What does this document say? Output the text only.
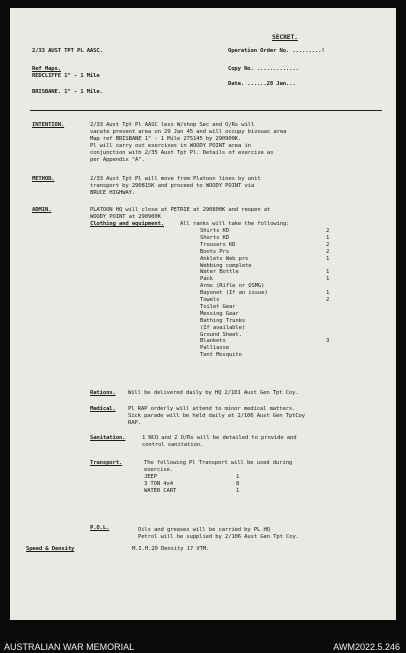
2/33 AUST TPT PL AASC.
Ref Maps.
REDCLIFFE 1" - 1 Mile
BRISBANE. 1" - 1 Mile.
SECRET.
Operation Order No. .........!
Copy No. .............
Date. ......28 Jan...
INTENTION.	2/33 Aust Tpt Pl AASC less W/shop Sec and O/Rs will
vacate present area on 29 Jan 45 and will occupy bivouac area
Map ref BRISBANE 1" - 1 Mile 275145 by 290900K.
Pl will carry out exercises in WOODY POINT area in
conjunction with 2/35 Aust Tpt Pl. Details of exercise as
per Appendix "A".
METHOD.	2/33 Aust Tpt Pl will move from Platoon lines by unit
transport by 290815K and proceed to WOODY POINT via
BRUCE HIGHWAY.
ADMIN.	PLATOON HQ will close at PETRIE at 290800K and reopen at
WOODY POINT at 290900K
Clothing and equipment.	All ranks will take the following:
Shirts KD	2
Shorts KD	1
Trousers KD	2
Boots Prs	2
Anklets Web prs	1
Webbing complete
Water Bottle	1
Pack	1
Arms (Rifle or OSMG)
Bayonet (If an issue)	1
Towels	2
Toilet Gear
Messing Gear
Bathing Trunks
(If available)
Ground Sheet.
Blankets	3
Palliasse
Tent Mosquito
Rations. Will be delivered daily by HQ 2/101 Aust Gen Tpt Coy.
Medical. Pl RAP orderly will attend to minor medical matters.
Sick parade will be held daily at 2/106 Aust Gen TptCoy
RAP.
Sanitation.	1 NCO and 2 O/Rs will be detailed to provide and
control sanitation.
Transport.	The following Pl Transport will be used during
exercise.
JEEP	1
3 TON 4x4	8
WATER CART	1
P.O.L.	Oils and greases will be carried by PL HQ
Petrol will be supplied by 2/106 Aust Gen Tpt Coy.
Speed & Density	M.I.H.20 Density 17 VTM.
AUSTRALIAN WAR MEMORIAL	AWM2022.5.246
